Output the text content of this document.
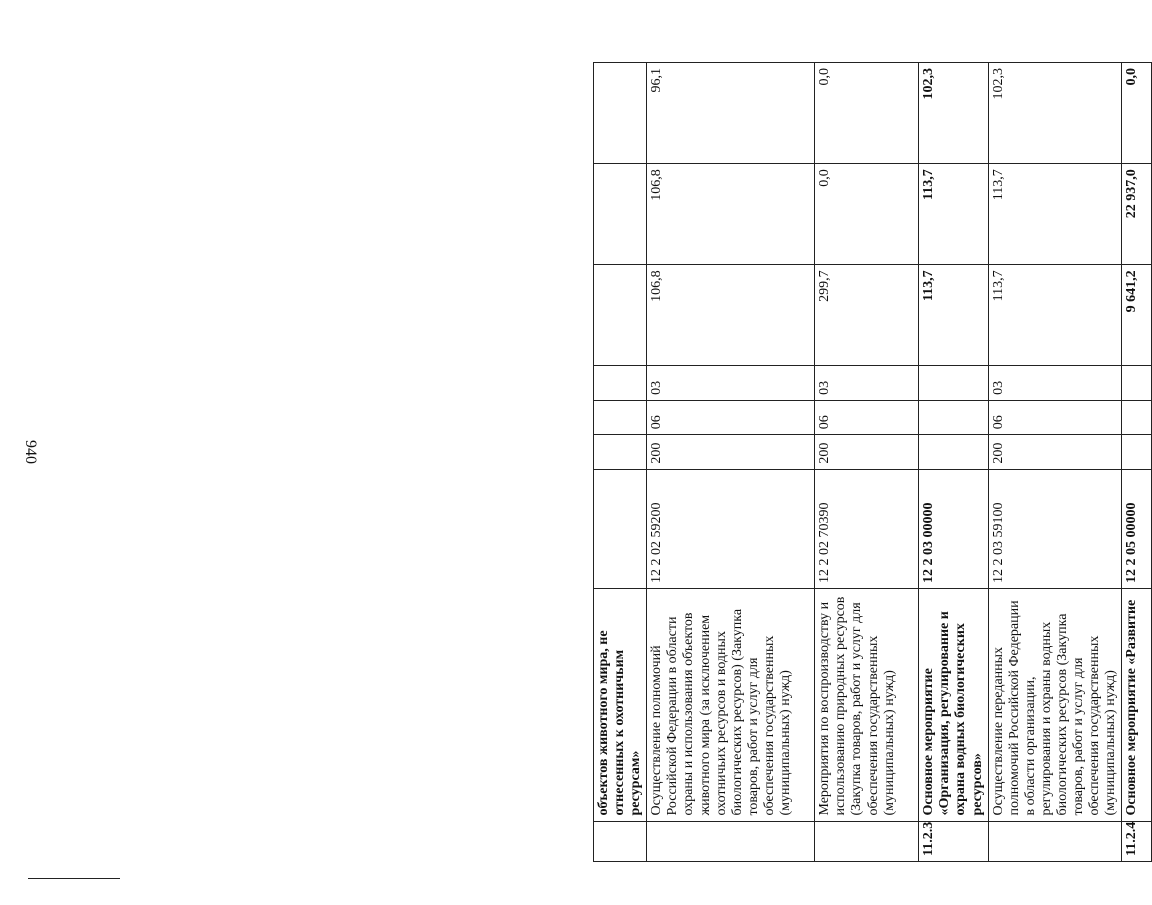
940
	объектов животного мира, не отнесенных к охотничьим ресурсам»							
	Осуществление полномочий Российской Федерации в области охраны и использования объектов животного мира (за исключением охотничьих ресурсов и водных биологических ресурсов) (Закупка товаров, работ и услуг для обеспечения государственных (муниципальных) нужд)	12 2 02 59200	200	06	03	106,8	106,8	96,1
	Мероприятия по воспроизводству и использованию природных ресурсов (Закупка товаров, работ и услуг для обеспечения государственных (муниципальных) нужд)	12 2 02 70390	200	06	03	299,7	0,0	0,0
11.2.3	Основное мероприятие «Организация, регулирование и охрана водных биологических ресурсов»	12 2 03 00000				113,7	113,7	102,3
	Осуществление переданных полномочий Российской Федерации в области организации, регулирования и охраны водных биологических ресурсов (Закупка товаров, работ и услуг для обеспечения государственных (муниципальных) нужд)	12 2 03 59100	200	06	03	113,7	113,7	102,3
11.2.4	Основное мероприятие «Развитие	12 2 05 00000				9 641,2	22 937,0	0,0
